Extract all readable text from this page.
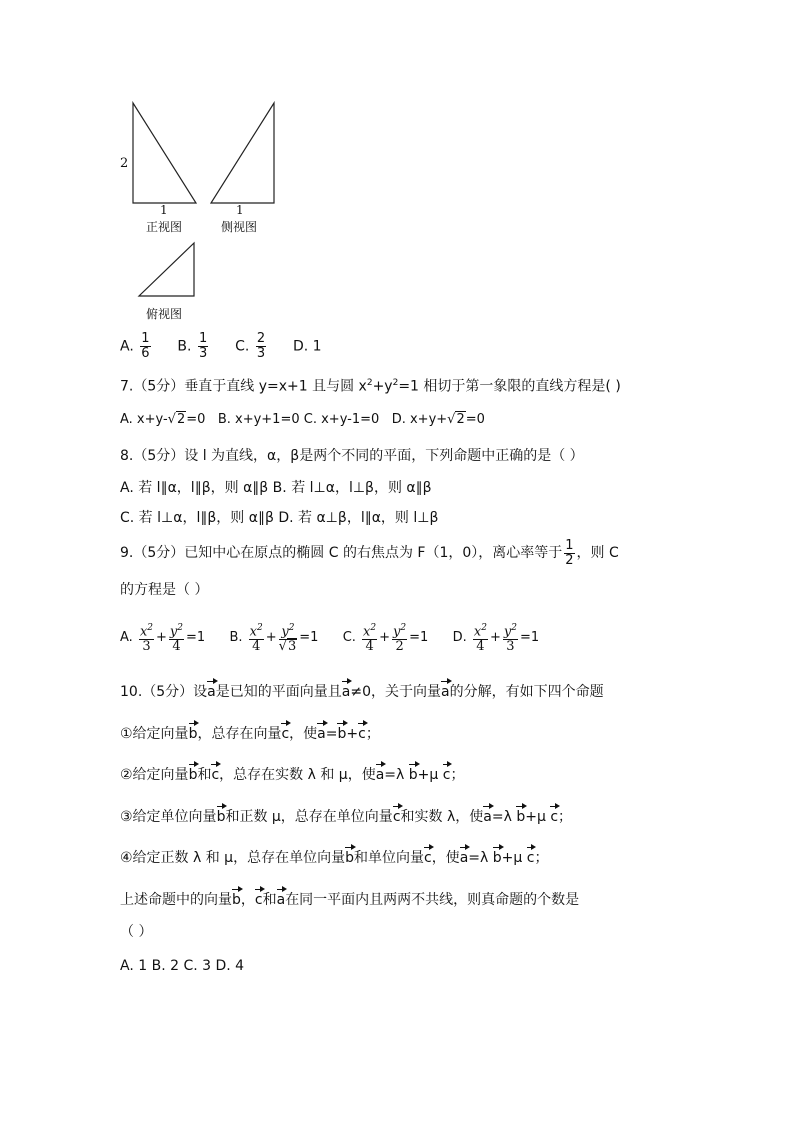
2
1
正视图
1
侧视图
俯视图
A. $\frac{1}{6} B$. $\frac{1}{3} C$. $\frac{2}{3} D$. 1
7.（5分）垂直于直线 y=x+1 且与圆 $x^2+y^2=1$ 相切于第一象限的直线方程是( )
A. x+y-√2=0 B. x+y+1=0 C. x+y-1=0 D. x+y+√2=0
8.（5分）设 l 为直线，α，β是两个不同的平面，下列命题中正确的是（ ）
A. 若 l∥α，l∥β，则 α∥β B. 若 l⊥α，l⊥β，则 α∥β
C. 若 l⊥α，l∥β，则 α∥β D. 若 α⊥β，l∥α，则 l⊥β
9.（5分）已知中心在原点的椭圆 C 的右焦点为 F（1，0），离心率等于 $\frac{1}{2}$ ，则 C
的方程是（ ）
A. $\frac{x^2}{3} + \frac{y^2}{4} =1$ B. $\frac{x^2}{4} + \frac{y^2}{√3} =1$ C. $\frac{x^2}{4} + \frac{y^2}{2} =1$ D. $\frac{x^2}{4} + \frac{y^2}{3} =1$
10.（5分）设a是已知的平面向量且a≠0，关于向量a的分解，有如下四个命题
①给定向量b，总存在向量c，使a=b+c；
②给定向量b和c，总存在实数 λ 和 μ，使a=λ b+μ c；
③给定单位向量b和正数 μ，总存在单位向量c和实数 λ，使a=λ b+μ c；
④给定正数 λ 和 μ，总存在单位向量b和单位向量c，使a=λ b+μ c；
上述命题中的向量b，c和a在同一平面内且两两不共线，则真命题的个数是
（ ）
A. 1 B. 2 C. 3 D. 4
